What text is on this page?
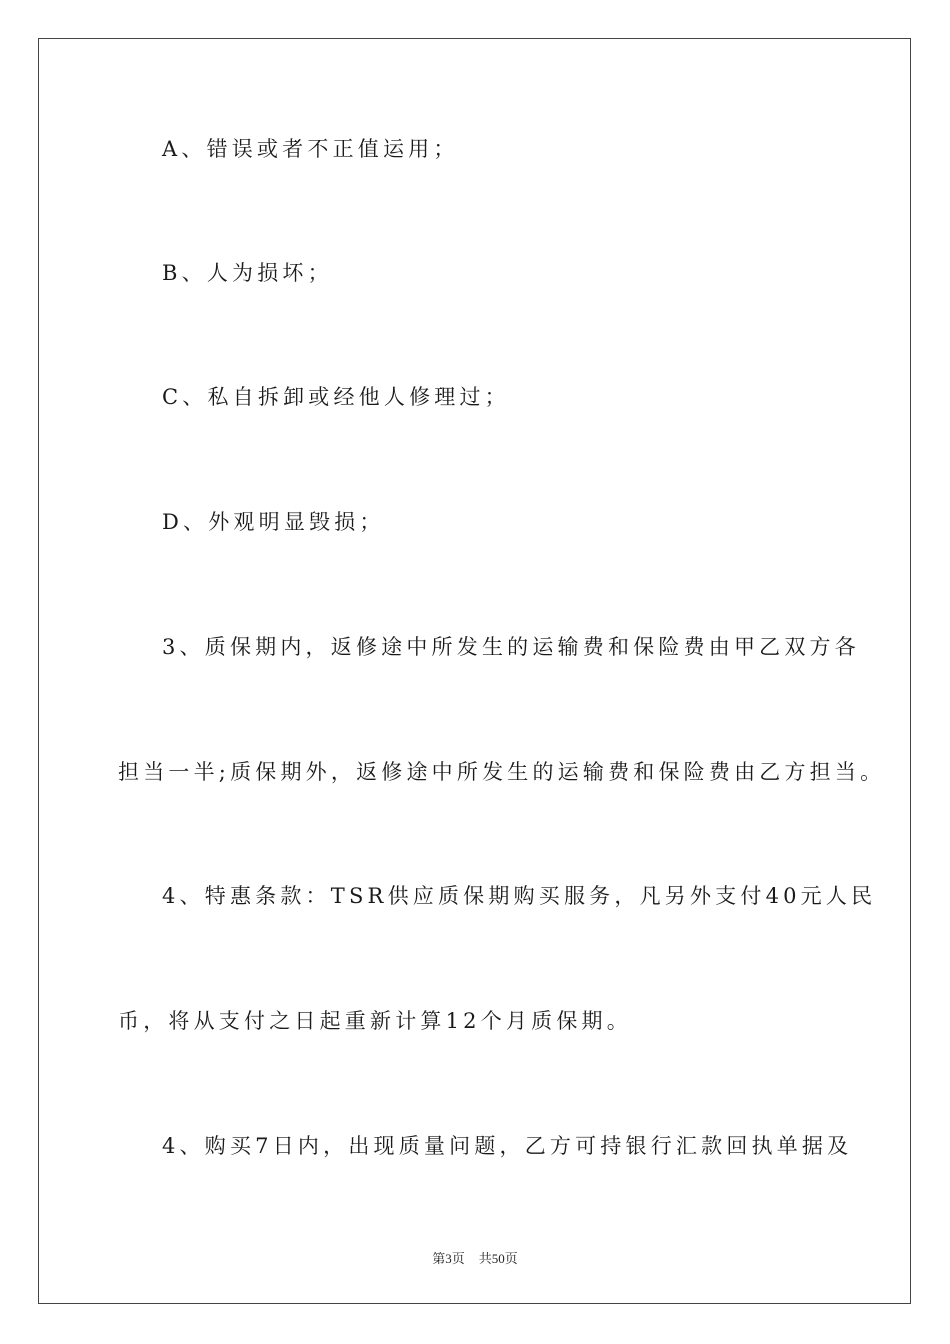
A、错误或者不正值运用；
B、人为损坏；
C、私自拆卸或经他人修理过；
D、外观明显毁损；
3、质保期内，返修途中所发生的运输费和保险费由甲乙双方各
担当一半;质保期外，返修途中所发生的运输费和保险费由乙方担当。
4、特惠条款：TSR供应质保期购买服务，凡另外支付40元人民
币，将从支付之日起重新计算12个月质保期。
4、购买7日内，出现质量问题，乙方可持银行汇款回执单据及
第3页 共50页
